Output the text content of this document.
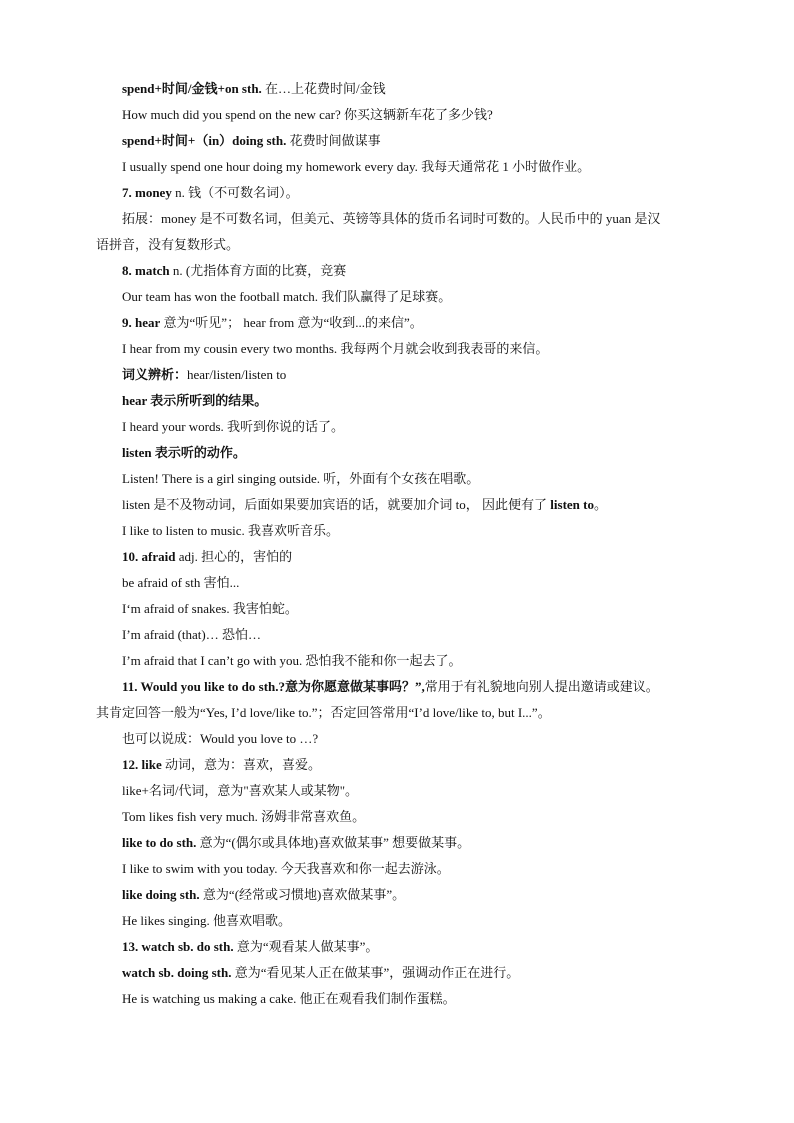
spend+时间/金钱+on sth. 在…上花费时间/金钱
How much did you spend on the new car? 你买这辆新车花了多少钱?
spend+时间+（in）doing sth. 花费时间做谋事
I usually spend one hour doing my homework every day. 我每天通常花 1 小时做作业。
7. money n. 钱（不可数名词）。
拓展：money 是不可数名词，但美元、英镑等具体的货币名词时可数的。人民币中的 yuan 是汉
语拼音，没有复数形式。
8. match n. (尤指体育方面的比赛，竞赛
Our team has won the football match. 我们队赢得了足球赛。
9. hear 意为“听见”； hear from 意为“收到...的来信”。
I hear from my cousin every two months. 我每两个月就会收到我表哥的来信。
词义辨析：hear/listen/listen to
hear 表示所听到的结果。
I heard your words. 我听到你说的话了。
listen 表示听的动作。
Listen! There is a girl singing outside. 听，外面有个女孩在唱歌。
listen 是不及物动词，后面如果要加宾语的话，就要加介词 to， 因此便有了 listen to。
I like to listen to music. 我喜欢听音乐。
10. afraid adj. 担心的，害怕的
be afraid of sth 害怕...
I‘m afraid of snakes. 我害怕蛇。
I’m afraid (that)… 恐怕…
I’m afraid that I can’t go with you. 恐怕我不能和你一起去了。
11. Would you like to do sth.?意为你愿意做某事吗？”,常用于有礼貌地向别人提出邀请或建议。
其肯定回答一般为“Yes, I’d love/like to.”；否定回答常用“I’d love/like to, but I...”。
也可以说成：Would you love to …?
12. like 动词，意为：喜欢，喜爱。
like+名词/代词，意为"喜欢某人或某物"。
Tom likes fish very much. 汤姆非常喜欢鱼。
like to do sth. 意为“(偶尔或具体地)喜欢做某事” 想要做某事。
I like to swim with you today. 今天我喜欢和你一起去游泳。
like doing sth. 意为“(经常或习惯地)喜欢做某事”。
He likes singing. 他喜欢唱歌。
13. watch sb. do sth. 意为“观看某人做某事”。
watch sb. doing sth. 意为“看见某人正在做某事”，强调动作正在进行。
He is watching us making a cake. 他正在观看我们制作蛋糕。
